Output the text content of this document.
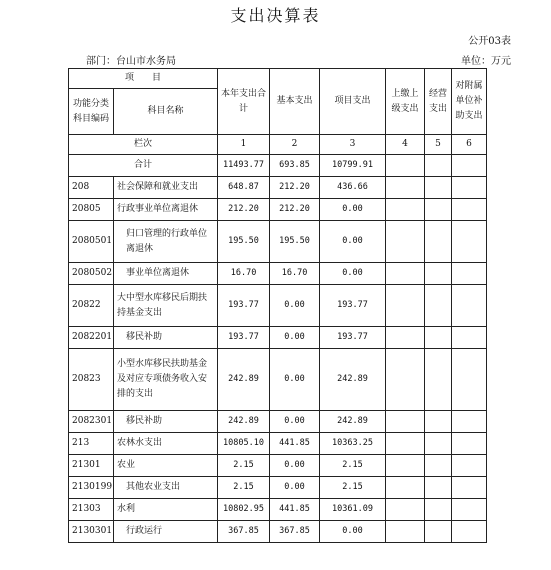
支出决算表
公开03表
部门：台山市水务局	单位：万元
项　　目		本年支出合计	基本支出	项目支出	上缴上级支出	经营支出	对附属单位补助支出
功能分类科目编码	科目名称						
栏次		1	2	3	4	5	6
合计		11493.77	693.85	10799.91			
208	社会保障和就业支出	648.87	212.20	436.66			
20805	行政事业单位离退休	212.20	212.20	0.00			
2080501	归口管理的行政单位离退休	195.50	195.50	0.00			
2080502	事业单位离退休	16.70	16.70	0.00			
20822	大中型水库移民后期扶持基金支出	193.77	0.00	193.77			
2082201	移民补助	193.77	0.00	193.77			
20823	小型水库移民扶助基金及对应专项债务收入安排的支出	242.89	0.00	242.89			
2082301	移民补助	242.89	0.00	242.89			
213	农林水支出	10805.10	441.85	10363.25			
21301	农业	2.15	0.00	2.15			
2130199	其他农业支出	2.15	0.00	2.15			
21303	水利	10802.95	441.85	10361.09			
2130301	行政运行	367.85	367.85	0.00			
